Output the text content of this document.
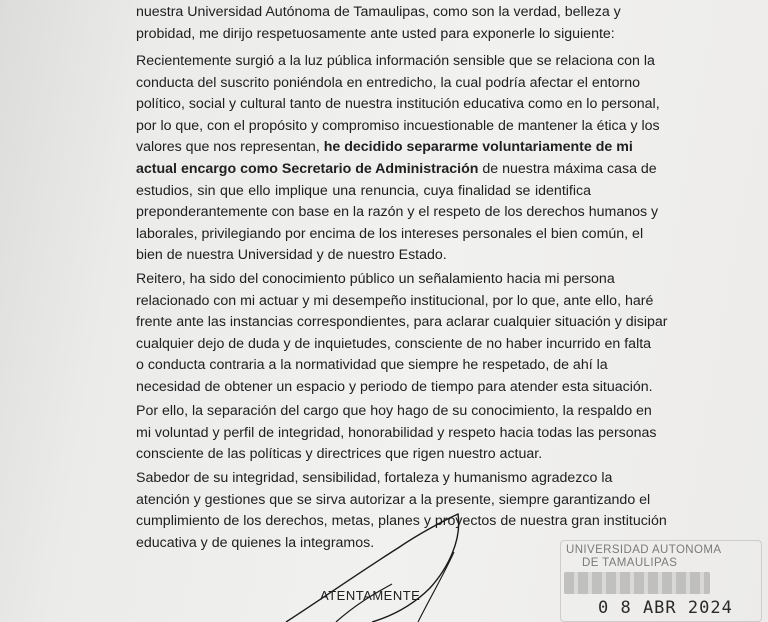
nuestra Universidad Autónoma de Tamaulipas, como son la verdad, belleza y
probidad, me dirijo respetuosamente ante usted para exponerle lo siguiente:
Recientemente surgió a la luz pública información sensible que se relaciona con la
conducta del suscrito poniéndola en entredicho, la cual podría afectar el entorno
político, social y cultural tanto de nuestra institución educativa como en lo personal,
por lo que, con el propósito y compromiso incuestionable de mantener la ética y los
valores que nos representan, he decidido separarme voluntariamente de mi
actual encargo como Secretario de Administración de nuestra máxima casa de
estudios, sin que ello implique una renuncia, cuya finalidad se identifica
preponderantemente con base en la razón y el respeto de los derechos humanos y
laborales, privilegiando por encima de los intereses personales el bien común, el
bien de nuestra Universidad y de nuestro Estado.
Reitero, ha sido del conocimiento público un señalamiento hacia mi persona
relacionado con mi actuar y mi desempeño institucional, por lo que, ante ello, haré
frente ante las instancias correspondientes, para aclarar cualquier situación y disipar
cualquier dejo de duda y de inquietudes, consciente de no haber incurrido en falta
o conducta contraria a la normatividad que siempre he respetado, de ahí la
necesidad de obtener un espacio y periodo de tiempo para atender esta situación.
Por ello, la separación del cargo que hoy hago de su conocimiento, la respaldo en
mi voluntad y perfil de integridad, honorabilidad y respeto hacia todas las personas
consciente de las políticas y directrices que rigen nuestro actuar.
Sabedor de su integridad, sensibilidad, fortaleza y humanismo agradezco la
atención y gestiones que se sirva autorizar a la presente, siempre garantizando el
cumplimiento de los derechos, metas, planes y proyectos de nuestra gran institución
educativa y de quienes la integramos.
ATENTAMENTE
UNIVERSIDAD AUTONOMA
DE TAMAULIPAS
0 8 ABR 2024
